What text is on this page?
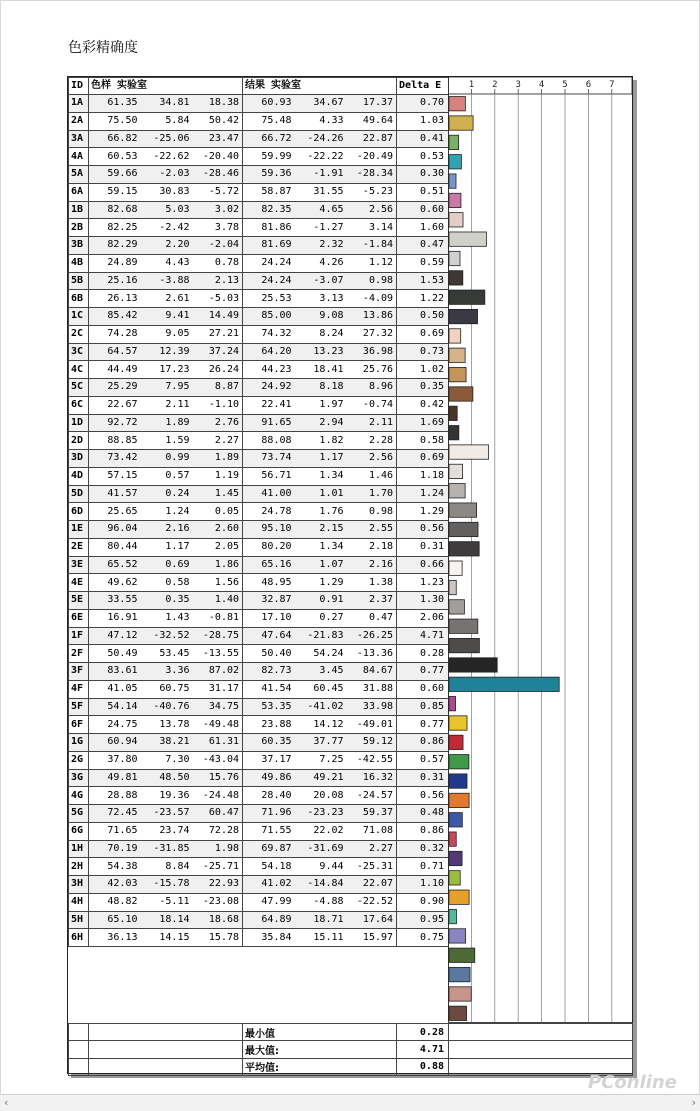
色彩精确度
ID	色样 实验室			结果 实验室			Delta E
1A	61.35	34.81	18.38	60.93	34.67	17.37	0.70
2A	75.50	5.84	50.42	75.48	4.33	49.64	1.03
3A	66.82	-25.06	23.47	66.72	-24.26	22.87	0.41
4A	60.53	-22.62	-20.40	59.99	-22.22	-20.49	0.53
5A	59.66	-2.03	-28.46	59.36	-1.91	-28.34	0.30
6A	59.15	30.83	-5.72	58.87	31.55	-5.23	0.51
1B	82.68	5.03	3.02	82.35	4.65	2.56	0.60
2B	82.25	-2.42	3.78	81.86	-1.27	3.14	1.60
3B	82.29	2.20	-2.04	81.69	2.32	-1.84	0.47
4B	24.89	4.43	0.78	24.24	4.26	1.12	0.59
5B	25.16	-3.88	2.13	24.24	-3.07	0.98	1.53
6B	26.13	2.61	-5.03	25.53	3.13	-4.09	1.22
1C	85.42	9.41	14.49	85.00	9.08	13.86	0.50
2C	74.28	9.05	27.21	74.32	8.24	27.32	0.69
3C	64.57	12.39	37.24	64.20	13.23	36.98	0.73
4C	44.49	17.23	26.24	44.23	18.41	25.76	1.02
5C	25.29	7.95	8.87	24.92	8.18	8.96	0.35
6C	22.67	2.11	-1.10	22.41	1.97	-0.74	0.42
1D	92.72	1.89	2.76	91.65	2.94	2.11	1.69
2D	88.85	1.59	2.27	88.08	1.82	2.28	0.58
3D	73.42	0.99	1.89	73.74	1.17	2.56	0.69
4D	57.15	0.57	1.19	56.71	1.34	1.46	1.18
5D	41.57	0.24	1.45	41.00	1.01	1.70	1.24
6D	25.65	1.24	0.05	24.78	1.76	0.98	1.29
1E	96.04	2.16	2.60	95.10	2.15	2.55	0.56
2E	80.44	1.17	2.05	80.20	1.34	2.18	0.31
3E	65.52	0.69	1.86	65.16	1.07	2.16	0.66
4E	49.62	0.58	1.56	48.95	1.29	1.38	1.23
5E	33.55	0.35	1.40	32.87	0.91	2.37	1.30
6E	16.91	1.43	-0.81	17.10	0.27	0.47	2.06
1F	47.12	-32.52	-28.75	47.64	-21.83	-26.25	4.71
2F	50.49	53.45	-13.55	50.40	54.24	-13.36	0.28
3F	83.61	3.36	87.02	82.73	3.45	84.67	0.77
4F	41.05	60.75	31.17	41.54	60.45	31.88	0.60
5F	54.14	-40.76	34.75	53.35	-41.02	33.98	0.85
6F	24.75	13.78	-49.48	23.88	14.12	-49.01	0.77
1G	60.94	38.21	61.31	60.35	37.77	59.12	0.86
2G	37.80	7.30	-43.04	37.17	7.25	-42.55	0.57
3G	49.81	48.50	15.76	49.86	49.21	16.32	0.31
4G	28.88	19.36	-24.48	28.40	20.08	-24.57	0.56
5G	72.45	-23.57	60.47	71.96	-23.23	59.37	0.48
6G	71.65	23.74	72.28	71.55	22.02	71.08	0.86
1H	70.19	-31.85	1.98	69.87	-31.69	2.27	0.32
2H	54.38	8.84	-25.71	54.18	9.44	-25.31	0.71
3H	42.03	-15.78	22.93	41.02	-14.84	22.07	1.10
4H	48.82	-5.11	-23.08	47.99	-4.88	-22.52	0.90
5H	65.10	18.14	18.68	64.89	18.71	17.64	0.95
6H	36.13	14.15	15.78	35.84	15.11	15.97	0.75
1 2 3 4 5 6 7
		最小值	0.28	
		最大值:	4.71	
		平均值:	0.88	
PConline
‹	›
